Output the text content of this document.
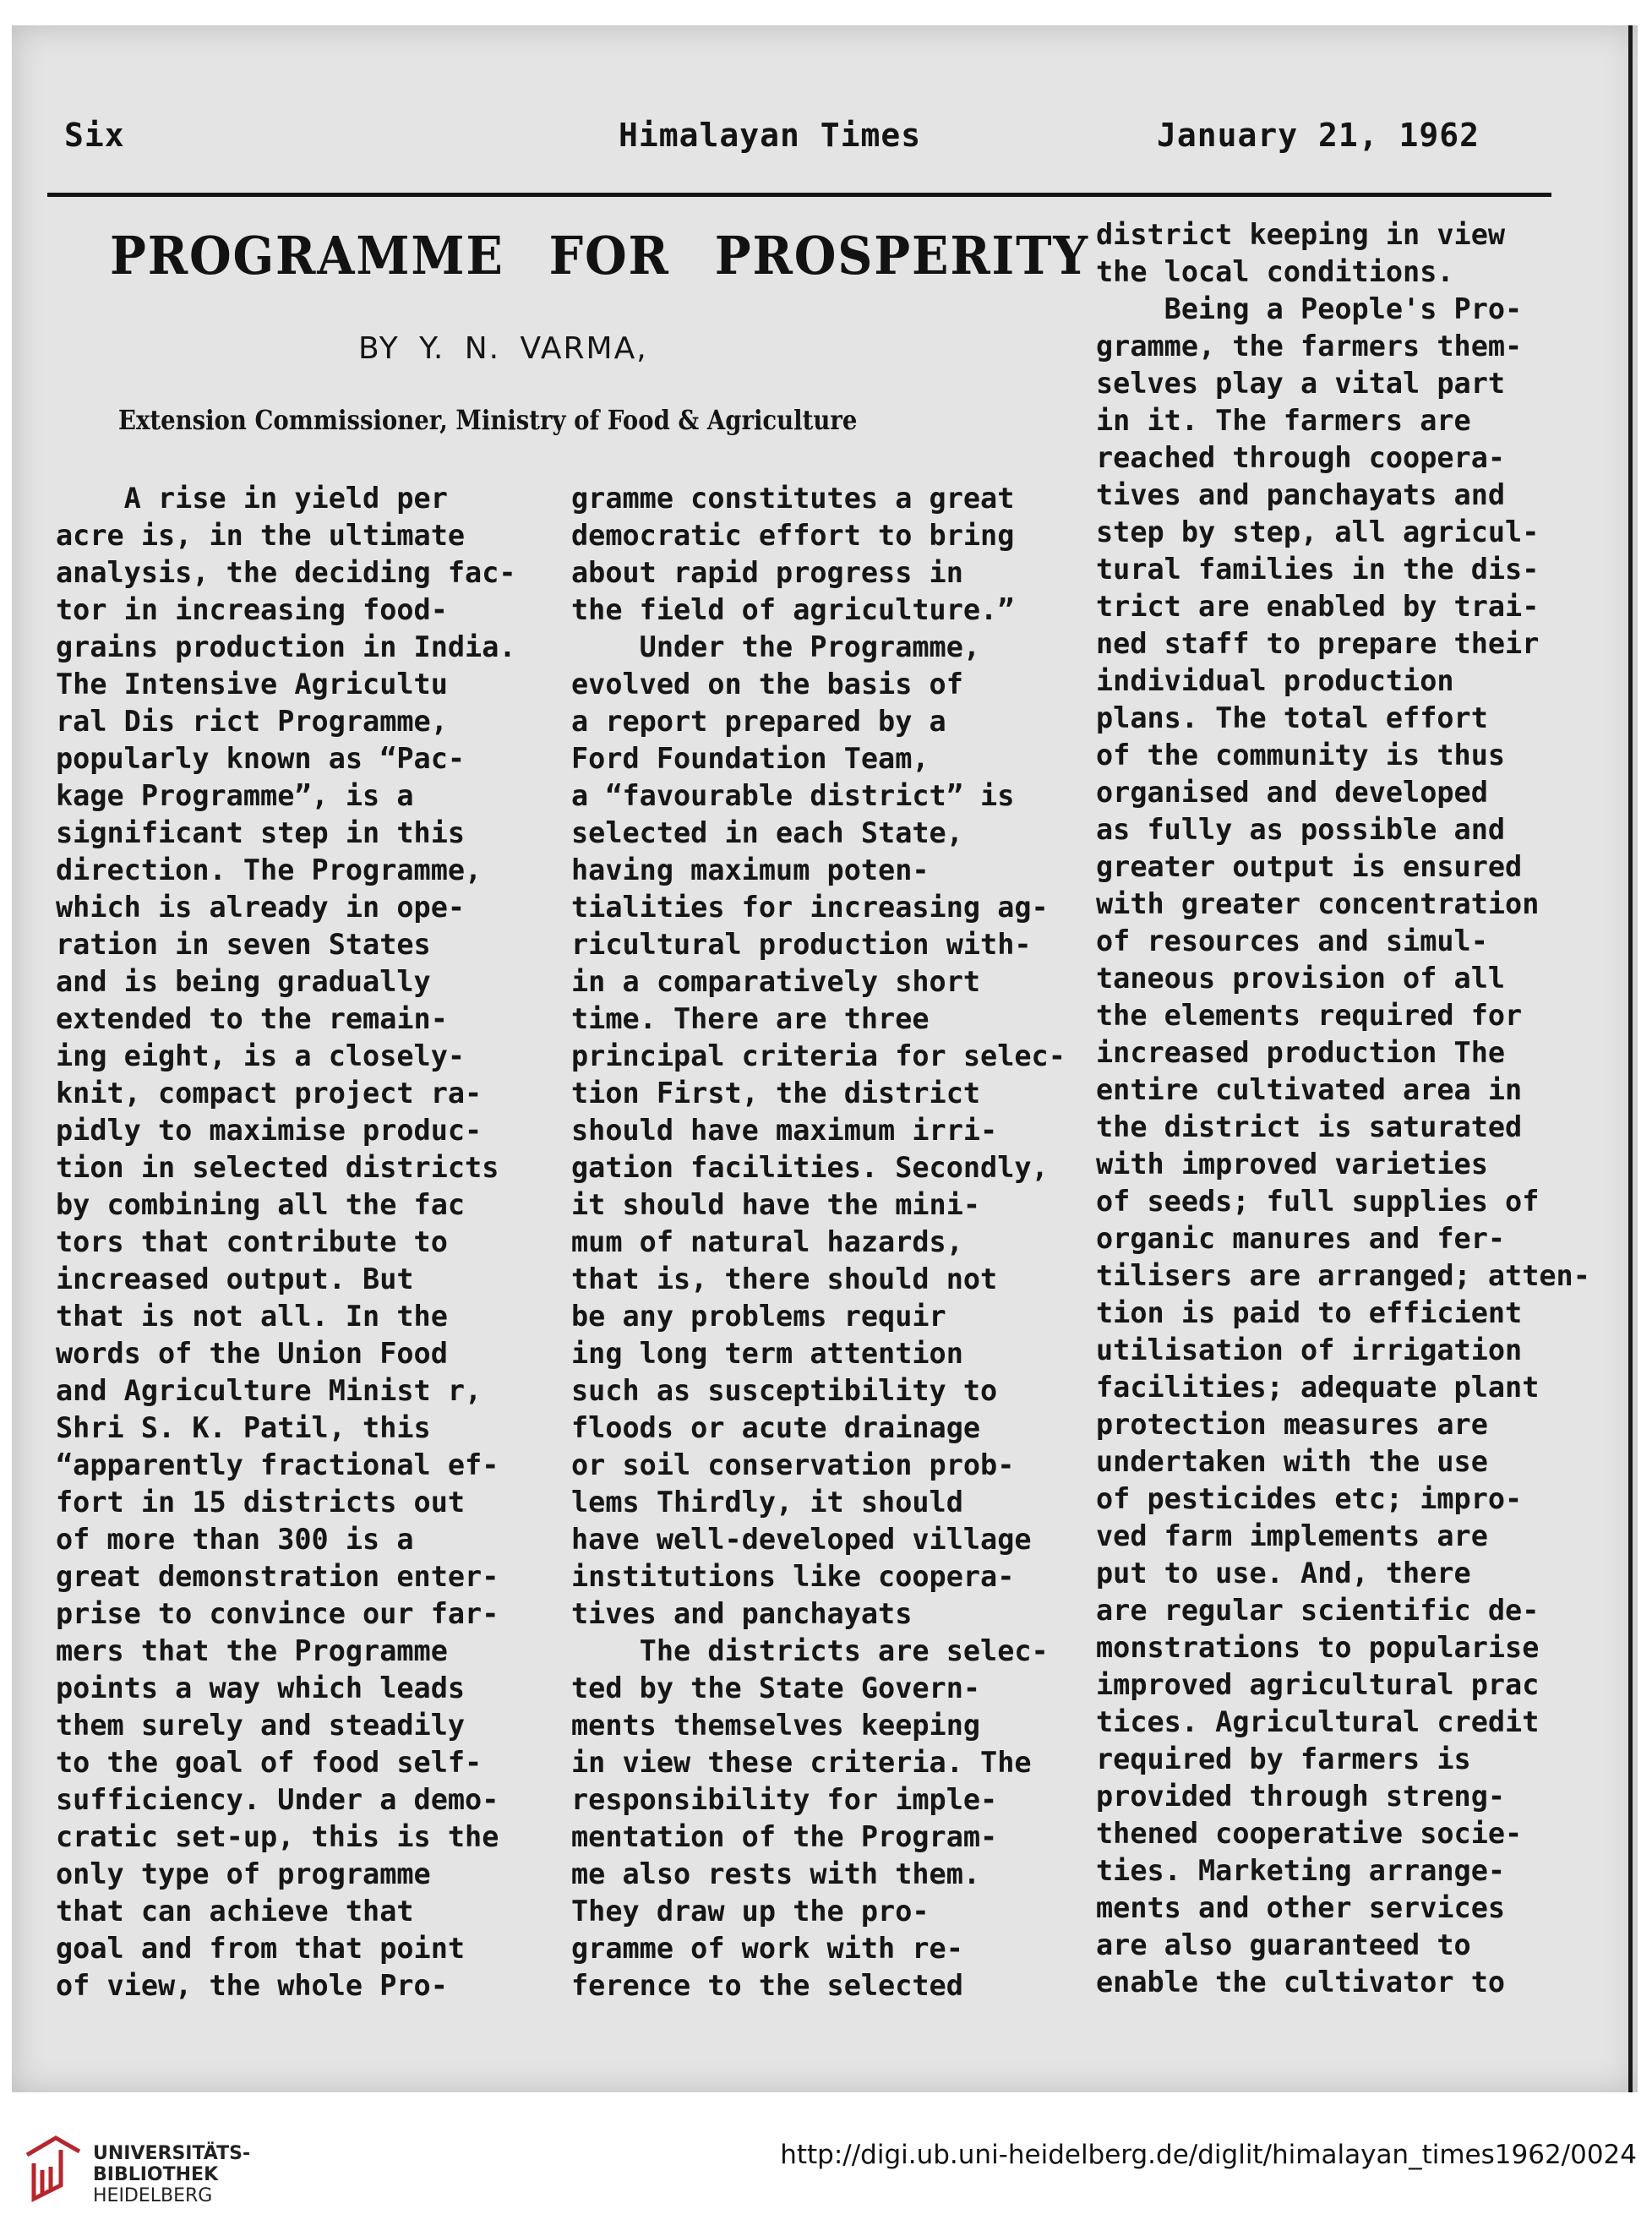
Six	Himalayan Times	January 21, 1962
PROGRAMME FOR PROSPERITY
BY Y. N. VARMA,
Extension Commissioner, Ministry of Food & Agriculture
A rise in yield per
acre is, in the ultimate
analysis, the deciding fac-
tor in increasing food-
grains production in India.
The Intensive Agricultu
ral Dis rict Programme,
popularly known as “Pac-
kage Programme”, is a
significant step in this
direction. The Programme,
which is already in ope-
ration in seven States
and is being gradually
extended to the remain-
ing eight, is a closely-
knit, compact project ra-
pidly to maximise produc-
tion in selected districts
by combining all the fac
tors that contribute to
increased output. But
that is not all. In the
words of the Union Food
and Agriculture Minist r,
Shri S. K. Patil, this
“apparently fractional ef-
fort in 15 districts out
of more than 300 is a
great demonstration enter-
prise to convince our far-
mers that the Programme
points a way which leads
them surely and steadily
to the goal of food self-
sufficiency. Under a demo-
cratic set-up, this is the
only type of programme
that can achieve that
goal and from that point
of view, the whole Pro-
gramme constitutes a great
democratic effort to bring
about rapid progress in
the field of agriculture.”
Under the Programme,
evolved on the basis of
a report prepared by a
Ford Foundation Team,
a “favourable district” is
selected in each State,
having maximum poten-
tialities for increasing ag-
ricultural production with-
in a comparatively short
time. There are three
principal criteria for selec-
tion First, the district
should have maximum irri-
gation facilities. Secondly,
it should have the mini-
mum of natural hazards,
that is, there should not
be any problems requir
ing long term attention
such as susceptibility to
floods or acute drainage
or soil conservation prob-
lems Thirdly, it should
have well-developed village
institutions like coopera-
tives and panchayats
The districts are selec-
ted by the State Govern-
ments themselves keeping
in view these criteria. The
responsibility for imple-
mentation of the Program-
me also rests with them.
They draw up the pro-
gramme of work with re-
ference to the selected
district keeping in view
the local conditions.
Being a People's Pro-
gramme, the farmers them-
selves play a vital part
in it. The farmers are
reached through coopera-
tives and panchayats and
step by step, all agricul-
tural families in the dis-
trict are enabled by trai-
ned staff to prepare their
individual production
plans. The total effort
of the community is thus
organised and developed
as fully as possible and
greater output is ensured
with greater concentration
of resources and simul-
taneous provision of all
the elements required for
increased production The
entire cultivated area in
the district is saturated
with improved varieties
of seeds; full supplies of
organic manures and fer-
tilisers are arranged; atten-
tion is paid to efficient
utilisation of irrigation
facilities; adequate plant
protection measures are
undertaken with the use
of pesticides etc; impro-
ved farm implements are
put to use. And, there
are regular scientific de-
monstrations to popularise
improved agricultural prac
tices. Agricultural credit
required by farmers is
provided through streng-
thened cooperative socie-
ties. Marketing arrange-
ments and other services
are also guaranteed to
enable the cultivator to
UNIVERSITÄTS-
BIBLIOTHEK
HEIDELBERG
http://digi.ub.uni-heidelberg.de/diglit/himalayan_times1962/0024
